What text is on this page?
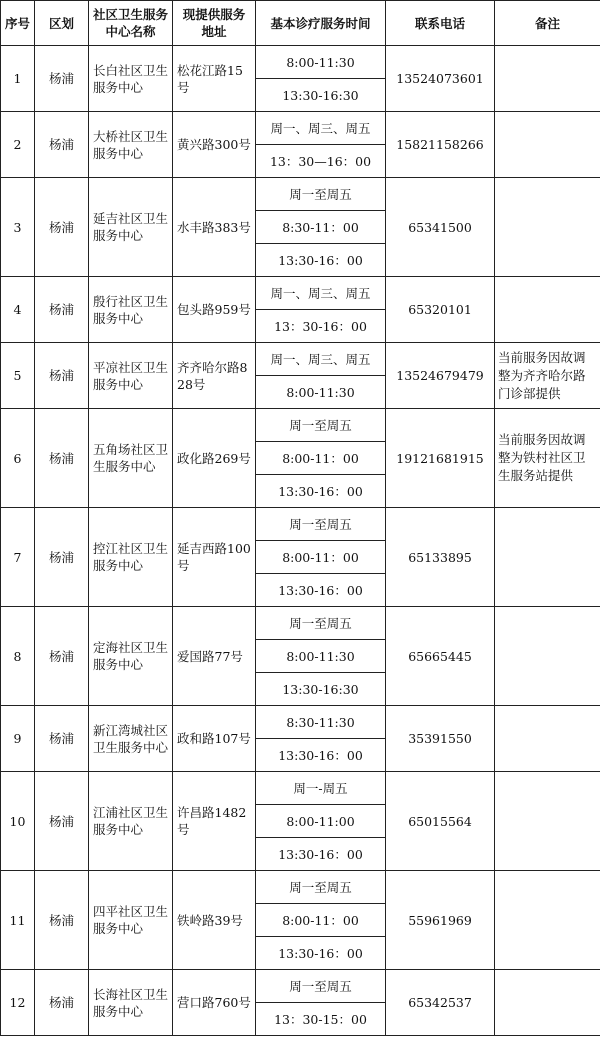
序号	区划	社区卫生服务中心名称	现提供服务地址	基本诊疗服务时间	联系电话	备注
1	杨浦	长白社区卫生服务中心	松花江路15号	8:00-11:30	13524073601	
				13:30-16:30		
2	杨浦	大桥社区卫生服务中心	黄兴路300号	周一、周三、周五	15821158266	
				13：30—16：00		
3	杨浦	延吉社区卫生服务中心	水丰路383号	周一至周五	65341500	
				8:30-11：00		
				13:30-16：00		
4	杨浦	殷行社区卫生服务中心	包头路959号	周一、周三、周五	65320101	
				13：30-16：00		
5	杨浦	平凉社区卫生服务中心	齐齐哈尔路828号	周一、周三、周五	13524679479	当前服务因故调整为齐齐哈尔路门诊部提供
				8:00-11:30		
6	杨浦	五角场社区卫生服务中心	政化路269号	周一至周五	19121681915	当前服务因故调整为铁村社区卫生服务站提供
				8:00-11：00		
				13:30-16：00		
7	杨浦	控江社区卫生服务中心	延吉西路100号	周一至周五	65133895	
				8:00-11：00		
				13:30-16：00		
8	杨浦	定海社区卫生服务中心	爱国路77号	周一至周五	65665445	
				8:00-11:30		
				13:30-16:30		
9	杨浦	新江湾城社区卫生服务中心	政和路107号	8:30-11:30	35391550	
				13:30-16：00		
10	杨浦	江浦社区卫生服务中心	许昌路1482号	周一-周五	65015564	
				8:00-11:00		
				13:30-16：00		
11	杨浦	四平社区卫生服务中心	铁岭路39号	周一至周五	55961969	
				8:00-11：00		
				13:30-16：00		
12	杨浦	长海社区卫生服务中心	营口路760号	周一至周五	65342537	
				13：30-15：00		
